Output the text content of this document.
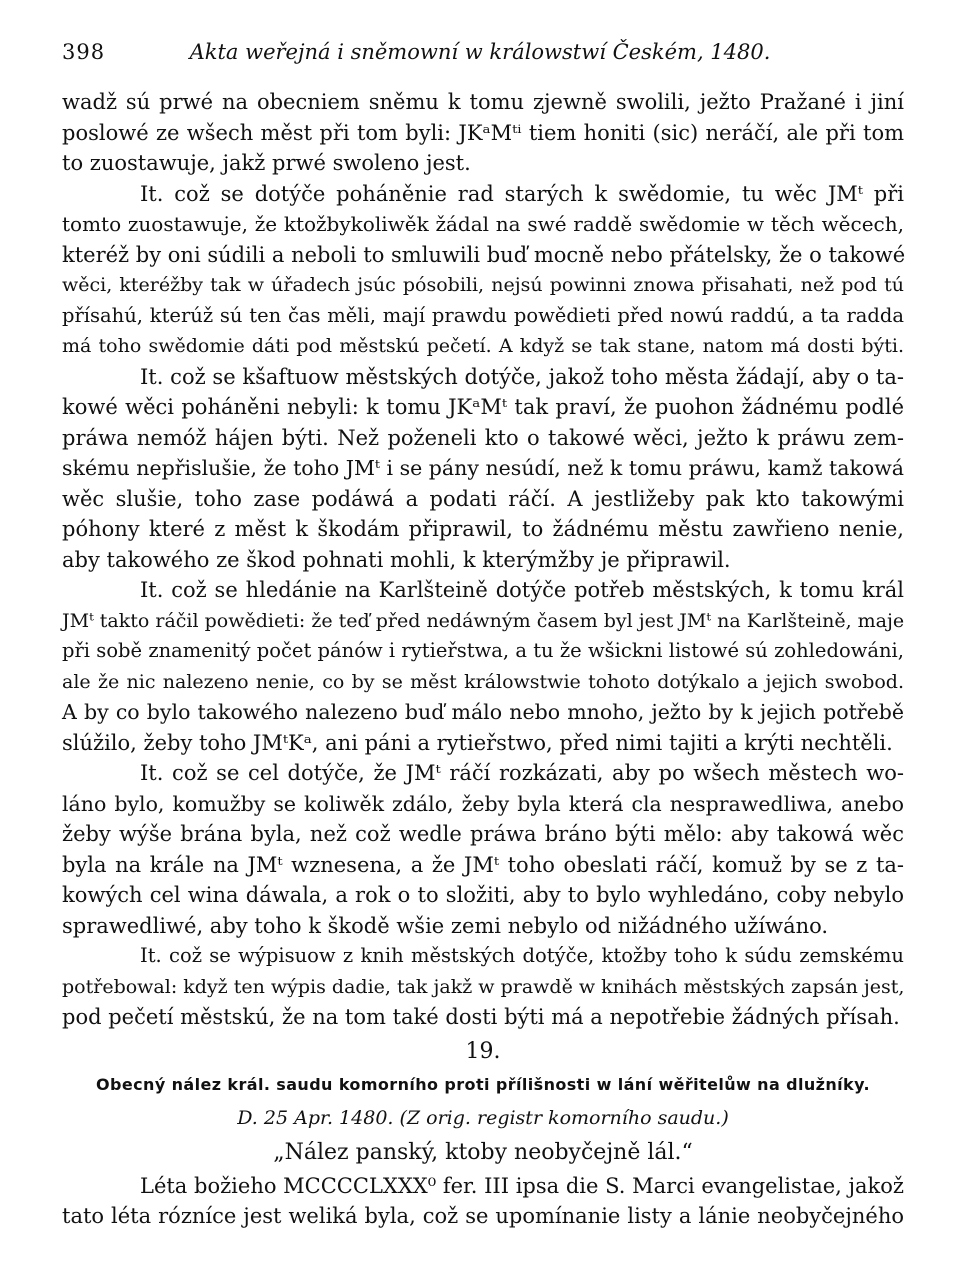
398	Akta weřejná i sněmowní w králowstwí Českém, 1480.
wadž sú prwé na obecniem sněmu k tomu zjewně swolili, ježto Pražané i jiní
poslowé ze wšech měst při tom byli: JKᵃMᵗⁱ tiem honiti (sic) neráčí, ale při tom
to zuostawuje, jakž prwé swoleno jest.
It. což se dotýče poháněnie rad starých k swědomie, tu wěc JMᵗ při
tomto zuostawuje, že ktožbykoliwěk žádal na swé raddě swědomie w těch wěcech,
kteréž by oni súdili a neboli to smluwili buď mocně nebo přátelsky, že o takowé
wěci, kteréžby tak w úřadech jsúc pósobili, nejsú powinni znowa přisahati, než pod tú
přísahú, kterúž sú ten čas měli, mají prawdu powědieti před nowú raddú, a ta radda
má toho swědomie dáti pod městskú pečetí. A když se tak stane, natom má dosti býti.
It. což se kšaftuow městských dotýče, jakož toho města žádají, aby o ta-
kowé wěci poháněni nebyli: k tomu JKᵃMᵗ tak praví, že puohon žádnému podlé
práwa nemóž hájen býti. Než poženeli kto o takowé wěci, ježto k práwu zem-
skému nepřislušie, že toho JMᵗ i se pány nesúdí, než k tomu práwu, kamž takowá
wěc slušie, toho zase podáwá a podati ráčí. A jestližeby pak kto takowými
póhony které z měst k škodám připrawil, to žádnému městu zawřieno nenie,
aby takowého ze škod pohnati mohli, k kterýmžby je připrawil.
It. což se hledánie na Karlšteině dotýče potřeb městských, k tomu král
JMᵗ takto ráčil powědieti: že teď před nedáwným časem byl jest JMᵗ na Karlšteině, maje
při sobě znamenitý počet pánów i rytieřstwa, a tu že wšickni listowé sú zohledowáni,
ale že nic nalezeno nenie, co by se měst králowstwie tohoto dotýkalo a jejich swobod.
A by co bylo takowého nalezeno buď málo nebo mnoho, ježto by k jejich potřebě
slúžilo, žeby toho JMᵗKᵃ, ani páni a rytieřstwo, před nimi tajiti a krýti nechtěli.
It. což se cel dotýče, že JMᵗ ráčí rozkázati, aby po wšech městech wo-
láno bylo, komužby se koliwěk zdálo, žeby byla která cla nesprawedliwa, anebo
žeby wýše brána byla, než což wedle práwa bráno býti mělo: aby takowá wěc
byla na krále na JMᵗ wznesena, a že JMᵗ toho obeslati ráčí, komuž by se z ta-
kowých cel wina dáwala, a rok o to složiti, aby to bylo wyhledáno, coby nebylo
sprawedliwé, aby toho k škodě wšie zemi nebylo od nižádného užíwáno.
It. což se wýpisuow z knih městských dotýče, ktožby toho k súdu zemskému
potřebowal: když ten wýpis dadie, tak jakž w prawdě w knihách městských zapsán jest,
pod pečetí městskú, že na tom také dosti býti má a nepotřebie žádných přísah.
19.
Obecný nález král. saudu komorního proti přílišnosti w lání wěřitelůw na dlužníky.
D. 25 Apr. 1480. (Z orig. registr komorního saudu.)
„Nález panský, ktoby neobyčejně lál.“
Léta božieho MCCCCLXXX⁰ fer. III ipsa die S. Marci evangelistae, jakož
tato léta rózníce jest weliká byla, což se upomínanie listy a lánie neobyčejného
